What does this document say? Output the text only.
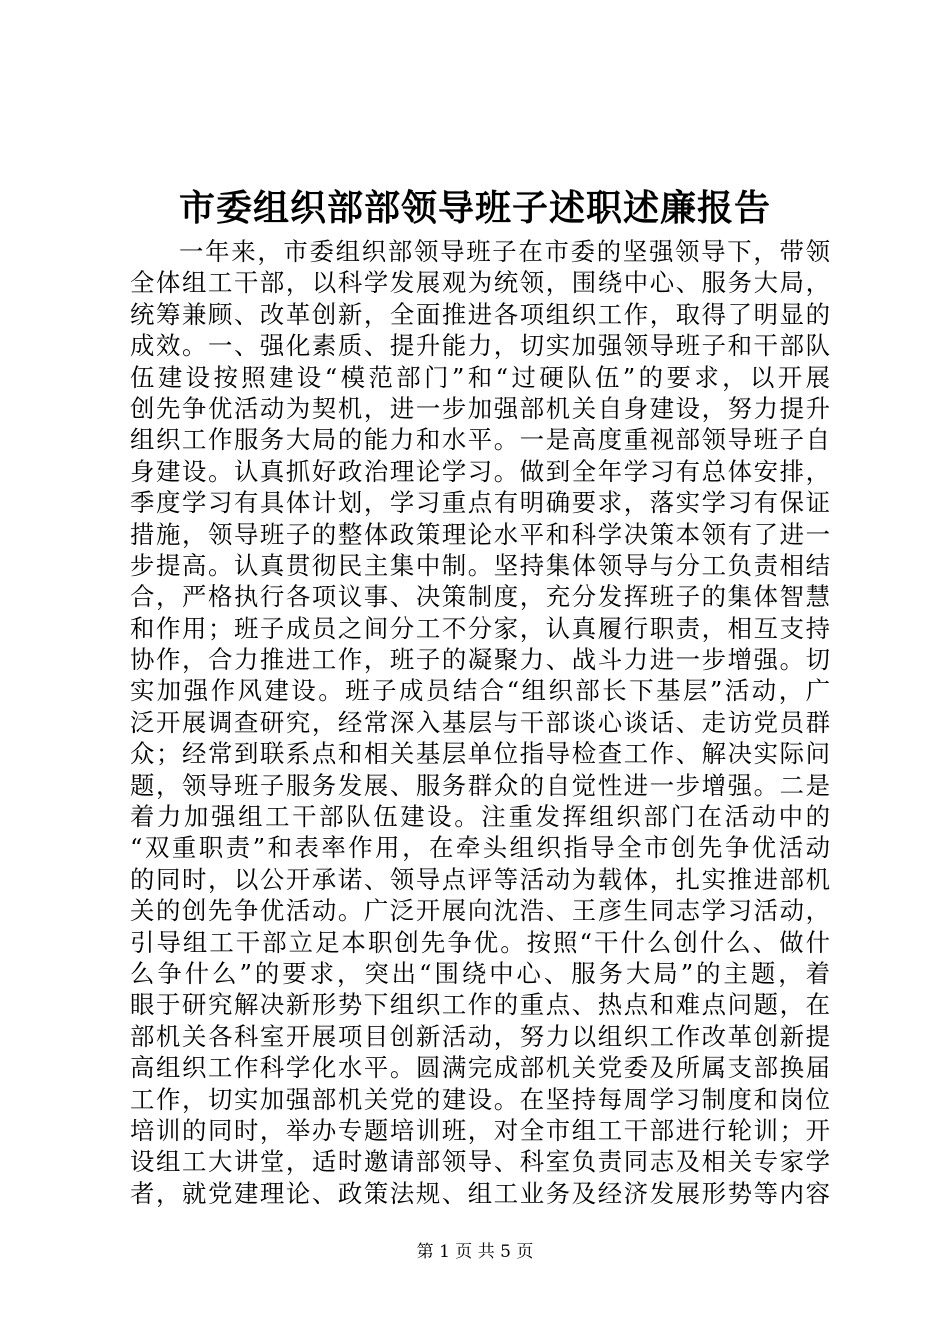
市委组织部部领导班子述职述廉报告
一年来，市委组织部领导班子在市委的坚强领导下，带领
全体组工干部，以科学发展观为统领，围绕中心、服务大局，
统筹兼顾、改革创新，全面推进各项组织工作，取得了明显的
成效。一、强化素质、提升能力，切实加强领导班子和干部队
伍建设按照建设“模范部门”和“过硬队伍”的要求，以开展
创先争优活动为契机，进一步加强部机关自身建设，努力提升
组织工作服务大局的能力和水平。一是高度重视部领导班子自
身建设。认真抓好政治理论学习。做到全年学习有总体安排，
季度学习有具体计划，学习重点有明确要求，落实学习有保证
措施，领导班子的整体政策理论水平和科学决策本领有了进一
步提高。认真贯彻民主集中制。坚持集体领导与分工负责相结
合，严格执行各项议事、决策制度，充分发挥班子的集体智慧
和作用；班子成员之间分工不分家，认真履行职责，相互支持
协作，合力推进工作，班子的凝聚力、战斗力进一步增强。切
实加强作风建设。班子成员结合“组织部长下基层”活动，广
泛开展调查研究，经常深入基层与干部谈心谈话、走访党员群
众；经常到联系点和相关基层单位指导检查工作、解决实际问
题，领导班子服务发展、服务群众的自觉性进一步增强。二是
着力加强组工干部队伍建设。注重发挥组织部门在活动中的
“双重职责”和表率作用，在牵头组织指导全市创先争优活动
的同时，以公开承诺、领导点评等活动为载体，扎实推进部机
关的创先争优活动。广泛开展向沈浩、王彦生同志学习活动，
引导组工干部立足本职创先争优。按照“干什么创什么、做什
么争什么”的要求，突出“围绕中心、服务大局”的主题，着
眼于研究解决新形势下组织工作的重点、热点和难点问题，在
部机关各科室开展项目创新活动，努力以组织工作改革创新提
高组织工作科学化水平。圆满完成部机关党委及所属支部换届
工作，切实加强部机关党的建设。在坚持每周学习制度和岗位
培训的同时，举办专题培训班，对全市组工干部进行轮训；开
设组工大讲堂，适时邀请部领导、科室负责同志及相关专家学
者，就党建理论、政策法规、组工业务及经济发展形势等内容
第 1 页 共 5 页
